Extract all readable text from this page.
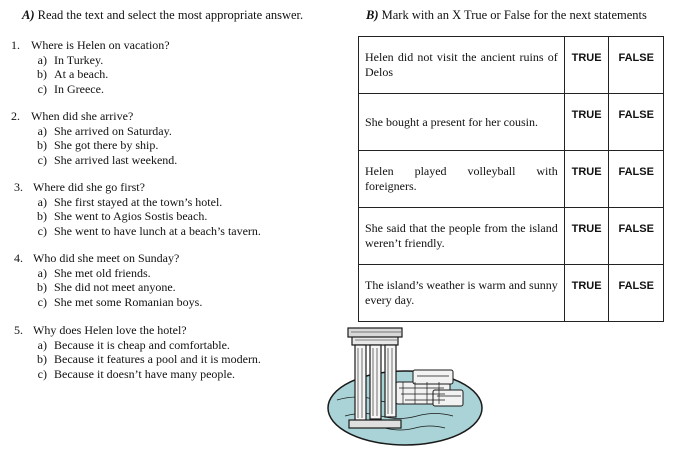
A) Read the text and select the most appropriate answer.	B) Mark with an X True or False for the next statements
1. Where is Helen on vacation?
a) In Turkey.
b) At a beach.
c) In Greece.
2. When did she arrive?
a) She arrived on Saturday.
b) She got there by ship.
c) She arrived last weekend.
3. Where did she go first?
a) She first stayed at the town’s hotel.
b) She went to Agios Sostis beach.
c) She went to have lunch at a beach’s tavern.
4. Who did she meet on Sunday?
a) She met old friends.
b) She did not meet anyone.
c) She met some Romanian boys.
5. Why does Helen love the hotel?
a) Because it is cheap and comfortable.
b) Because it features a pool and it is modern.
c) Because it doesn’t have many people.
Helen did not visit the ancient ruins of Delos	TRUE	FALSE
She bought a present for her cousin.	TRUE	FALSE
Helen played volleyball with foreigners.	TRUE	FALSE
She said that the people from the island weren’t friendly.	TRUE	FALSE
The island’s weather is warm and sunny every day.	TRUE	FALSE
